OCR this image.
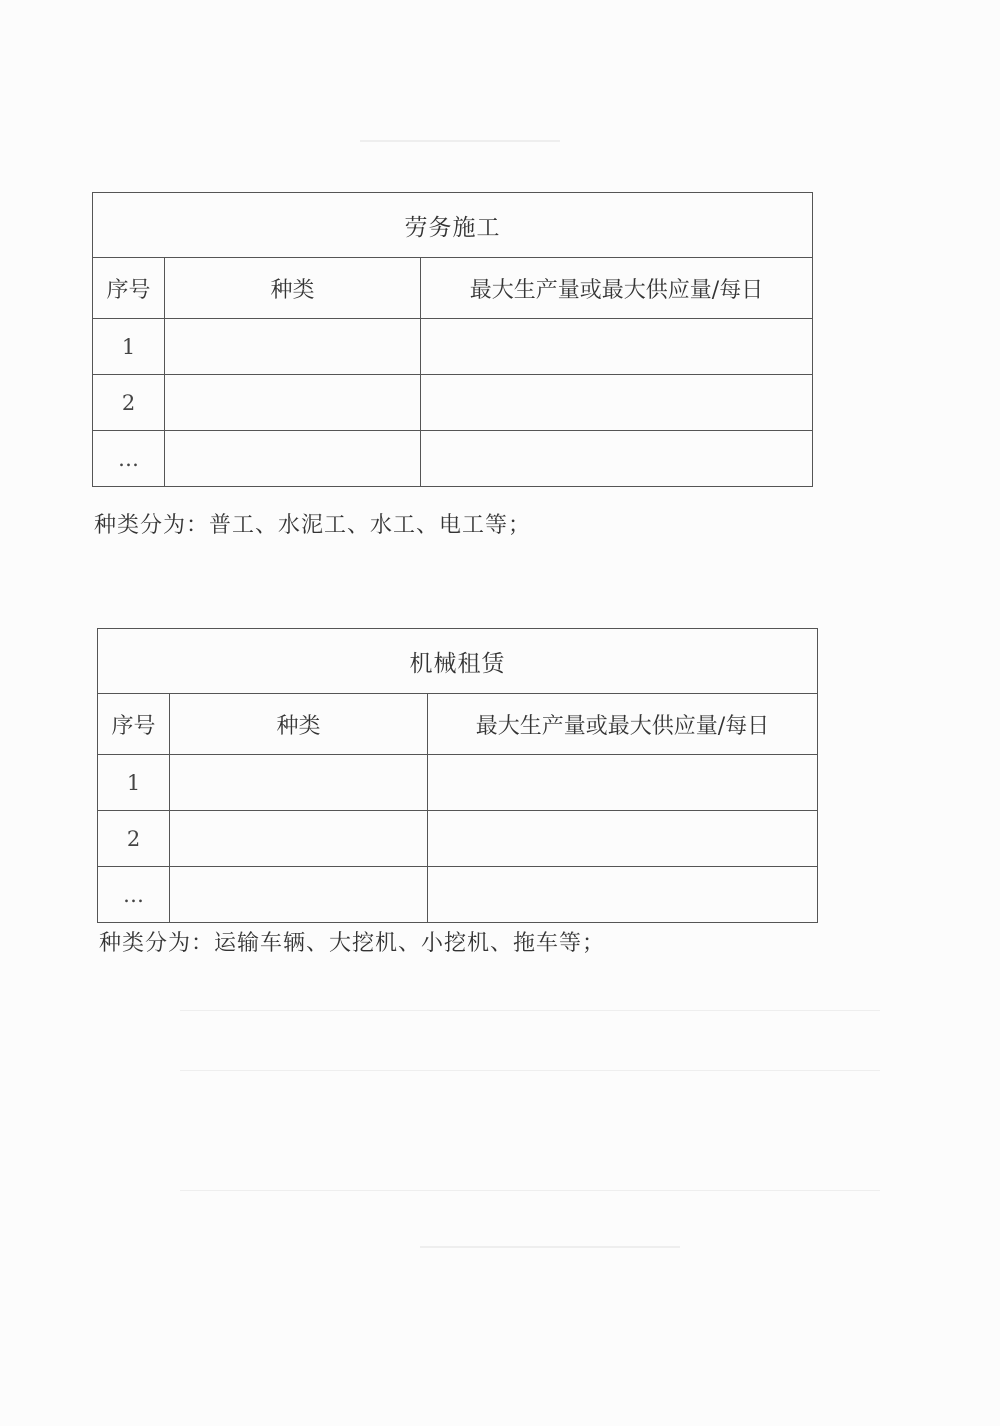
劳务施工		
序号	种类	最大生产量或最大供应量/每日
1		
2		
…		
种类分为：普工、水泥工、水工、电工等；
机械租赁		
序号	种类	最大生产量或最大供应量/每日
1		
2		
…		
种类分为：运输车辆、大挖机、小挖机、拖车等；
